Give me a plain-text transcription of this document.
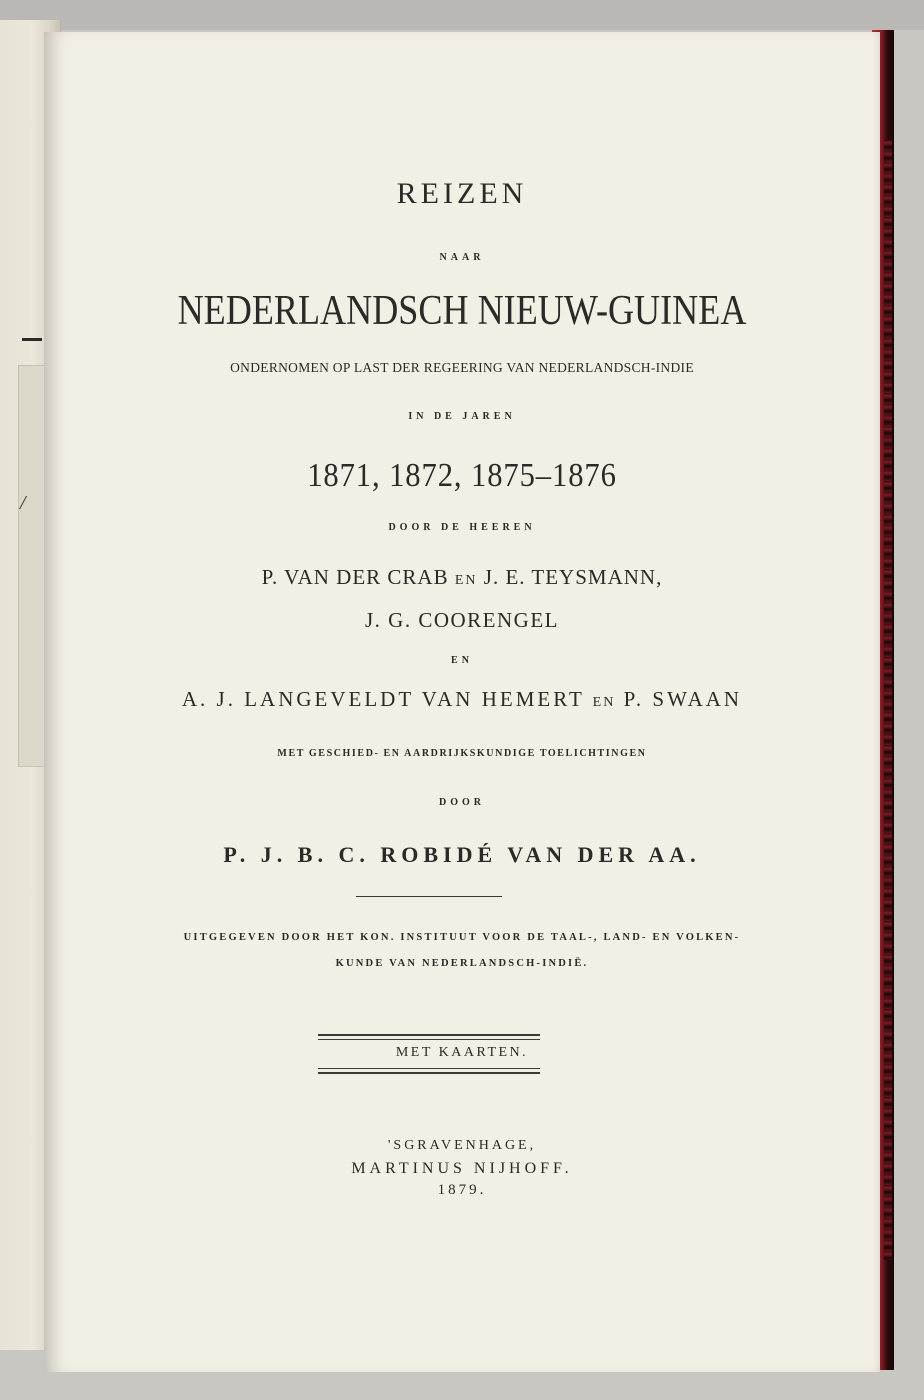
/
REIZEN
NAAR
NEDERLANDSCH NIEUW-GUINEA
ONDERNOMEN OP LAST DER REGEERING VAN NEDERLANDSCH-INDIE
IN DE JAREN
1871, 1872, 1875–1876
DOOR DE HEEREN
P. VAN DER CRAB EN J. E. TEYSMANN,
J. G. COORENGEL
EN
A. J. LANGEVELDT VAN HEMERT EN P. SWAAN
MET GESCHIED- EN AARDRIJKSKUNDIGE TOELICHTINGEN
DOOR
P. J. B. C. ROBIDÉ VAN DER AA.
UITGEGEVEN DOOR HET KON. INSTITUUT VOOR DE TAAL-, LAND- EN VOLKEN-
KUNDE VAN NEDERLANDSCH-INDIË.
MET KAARTEN.
'SGRAVENHAGE,
MARTINUS NIJHOFF.
1879.
